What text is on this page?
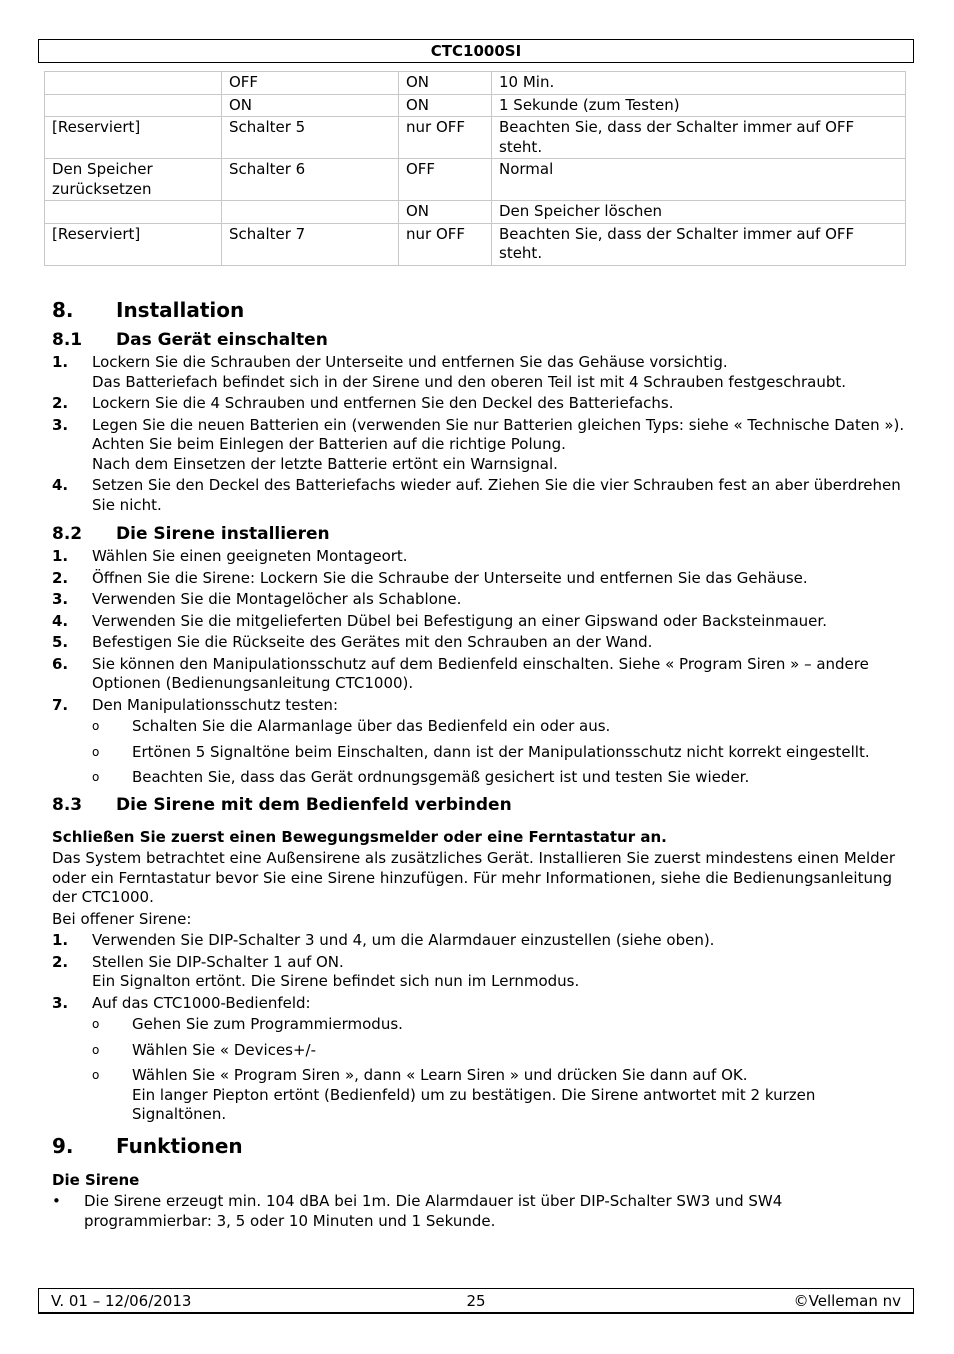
CTC1000SI
	OFF	ON	10 Min.
	ON	ON	1 Sekunde (zum Testen)
[Reserviert]	Schalter 5	nur OFF	Beachten Sie, dass der Schalter immer auf OFF steht.
Den Speicher zurücksetzen	Schalter 6	OFF	Normal
		ON	Den Speicher löschen
[Reserviert]	Schalter 7	nur OFF	Beachten Sie, dass der Schalter immer auf OFF steht.
8.	Installation
8.1	Das Gerät einschalten
1.	Lockern Sie die Schrauben der Unterseite und entfernen Sie das Gehäuse vorsichtig.
Das Batteriefach befindet sich in der Sirene und den oberen Teil ist mit 4 Schrauben festgeschraubt.
2.	Lockern Sie die 4 Schrauben und entfernen Sie den Deckel des Batteriefachs.
3.	Legen Sie die neuen Batterien ein (verwenden Sie nur Batterien gleichen Typs: siehe « Technische Daten »). Achten Sie beim Einlegen der Batterien auf die richtige Polung.
Nach dem Einsetzen der letzte Batterie ertönt ein Warnsignal.
4.	Setzen Sie den Deckel des Batteriefachs wieder auf. Ziehen Sie die vier Schrauben fest an aber überdrehen Sie nicht.
8.2	Die Sirene installieren
1.	Wählen Sie einen geeigneten Montageort.
2.	Öffnen Sie die Sirene: Lockern Sie die Schraube der Unterseite und entfernen Sie das Gehäuse.
3.	Verwenden Sie die Montagelöcher als Schablone.
4.	Verwenden Sie die mitgelieferten Dübel bei Befestigung an einer Gipswand oder Backsteinmauer.
5.	Befestigen Sie die Rückseite des Gerätes mit den Schrauben an der Wand.
6.	Sie können den Manipulationsschutz auf dem Bedienfeld einschalten. Siehe « Program Siren » – andere Optionen (Bedienungsanleitung CTC1000).
7.	Den Manipulationsschutz testen:
o	Schalten Sie die Alarmanlage über das Bedienfeld ein oder aus.
o	Ertönen 5 Signaltöne beim Einschalten, dann ist der Manipulationsschutz nicht korrekt eingestellt.
o	Beachten Sie, dass das Gerät ordnungsgemäß gesichert ist und testen Sie wieder.
8.3	Die Sirene mit dem Bedienfeld verbinden
Schließen Sie zuerst einen Bewegungsmelder oder eine Ferntastatur an.
Das System betrachtet eine Außensirene als zusätzliches Gerät. Installieren Sie zuerst mindestens einen Melder oder ein Ferntastatur bevor Sie eine Sirene hinzufügen. Für mehr Informationen, siehe die Bedienungsanleitung der CTC1000.
Bei offener Sirene:
1.	Verwenden Sie DIP-Schalter 3 und 4, um die Alarmdauer einzustellen (siehe oben).
2.	Stellen Sie DIP-Schalter 1 auf ON.
Ein Signalton ertönt. Die Sirene befindet sich nun im Lernmodus.
3.	Auf das CTC1000-Bedienfeld:
o	Gehen Sie zum Programmiermodus.
o	Wählen Sie « Devices+/-
o	Wählen Sie « Program Siren », dann « Learn Siren » und drücken Sie dann auf OK.
Ein langer Piepton ertönt (Bedienfeld) um zu bestätigen. Die Sirene antwortet mit 2 kurzen Signaltönen.
9.	Funktionen
Die Sirene
•	Die Sirene erzeugt min. 104 dBA bei 1m. Die Alarmdauer ist über DIP-Schalter SW3 und SW4 programmierbar: 3, 5 oder 10 Minuten und 1 Sekunde.
V. 01 – 12/06/2013	25	©Velleman nv
